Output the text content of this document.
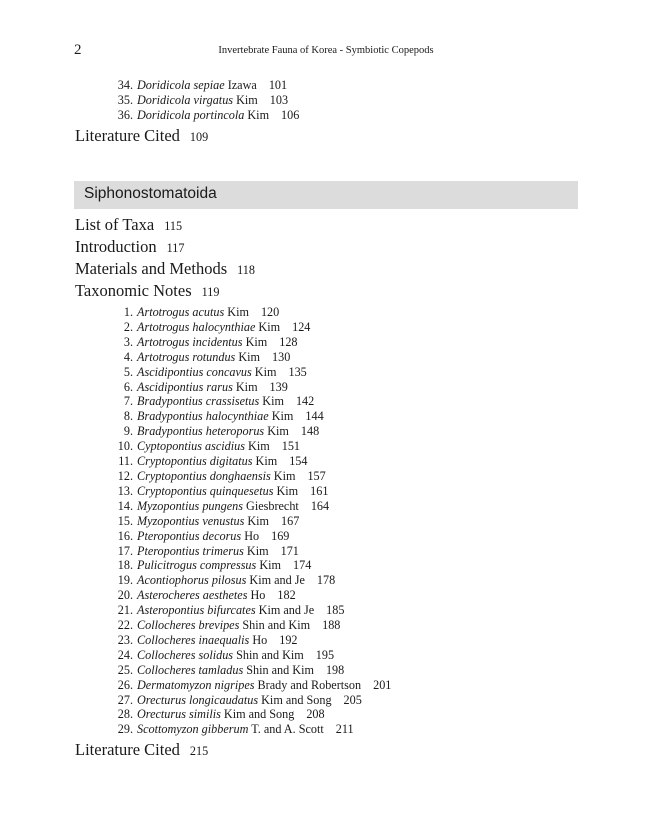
2	Invertebrate Fauna of Korea - Symbiotic Copepods
34. Doridicola sepiae Izawa 101
35. Doridicola virgatus Kim 103
36. Doridicola portincola Kim 106
Literature Cited 109
Siphonostomatoida
List of Taxa 115
Introduction 117
Materials and Methods 118
Taxonomic Notes 119
1. Artotrogus acutus Kim 120
2. Artotrogus halocynthiae Kim 124
3. Artotrogus incidentus Kim 128
4. Artotrogus rotundus Kim 130
5. Ascidipontius concavus Kim 135
6. Ascidipontius rarus Kim 139
7. Bradypontius crassisetus Kim 142
8. Bradypontius halocynthiae Kim 144
9. Bradypontius heteroporus Kim 148
10. Cyptopontius ascidius Kim 151
11. Cryptopontius digitatus Kim 154
12. Cryptopontius donghaensis Kim 157
13. Cryptopontius quinquesetus Kim 161
14. Myzopontius pungens Giesbrecht 164
15. Myzopontius venustus Kim 167
16. Pteropontius decorus Ho 169
17. Pteropontius trimerus Kim 171
18. Pulicitrogus compressus Kim 174
19. Acontiophorus pilosus Kim and Je 178
20. Asterocheres aesthetes Ho 182
21. Asteropontius bifurcates Kim and Je 185
22. Collocheres brevipes Shin and Kim 188
23. Collocheres inaequalis Ho 192
24. Collocheres solidus Shin and Kim 195
25. Collocheres tamladus Shin and Kim 198
26. Dermatomyzon nigripes Brady and Robertson 201
27. Orecturus longicaudatus Kim and Song 205
28. Orecturus similis Kim and Song 208
29. Scottomyzon gibberum T. and A. Scott 211
Literature Cited 215
